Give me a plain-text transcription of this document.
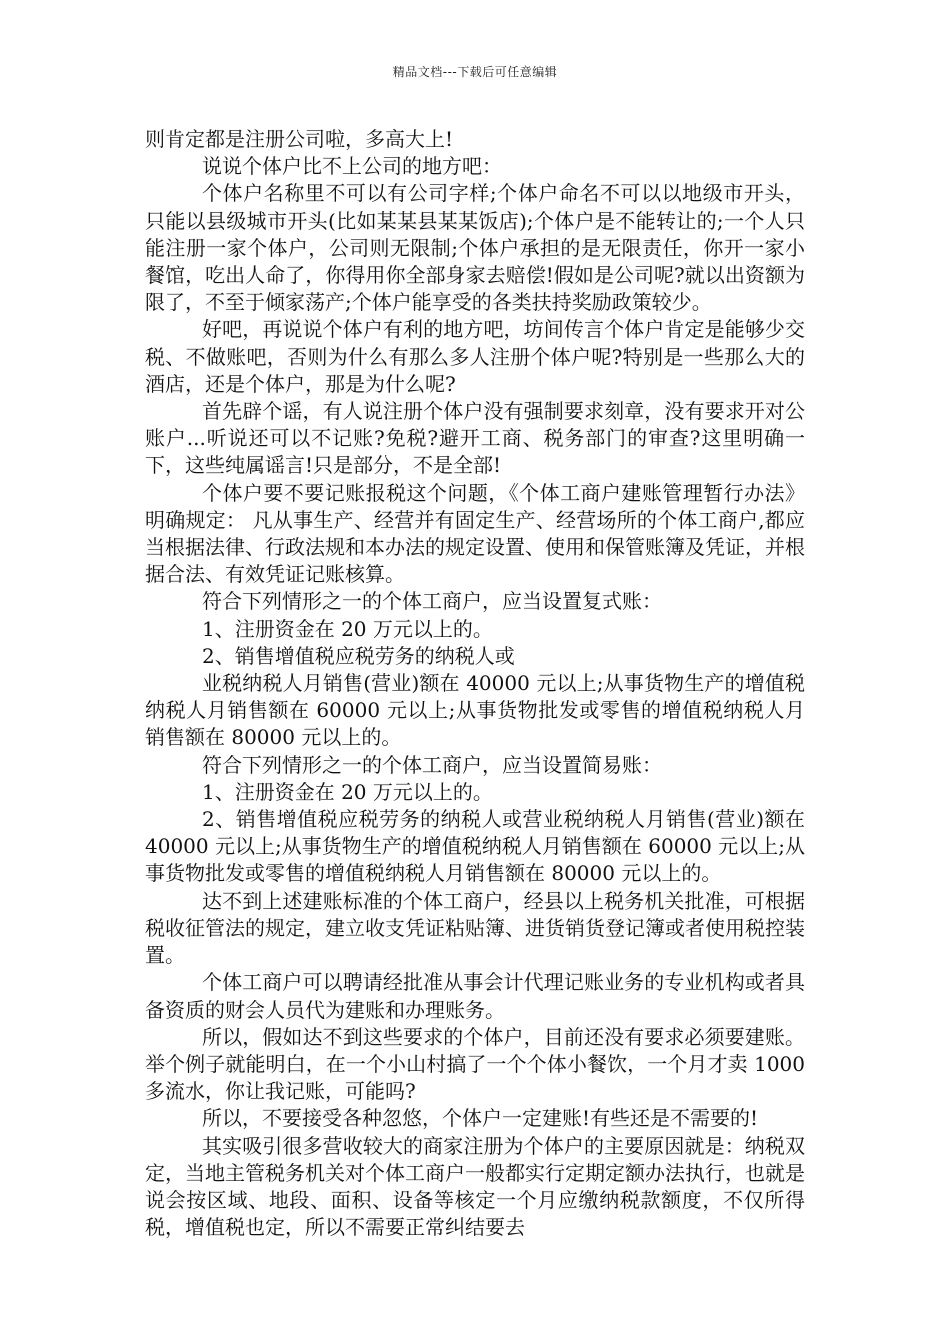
精品文档---下载后可任意编辑

则肯定都是注册公司啦，多高大上!

说说个体户比不上公司的地方吧：

个体户名称里不可以有公司字样;个体户命名不可以以地级市开头，只能以县级城市开头(比如某某县某某饭店);个体户是不能转让的;一个人只能注册一家个体户，公司则无限制;个体户承担的是无限责任，你开一家小餐馆，吃出人命了，你得用你全部身家去赔偿!假如是公司呢?就以出资额为限了，不至于倾家荡产;个体户能享受的各类扶持奖励政策较少。

好吧，再说说个体户有利的地方吧，坊间传言个体户肯定是能够少交税、不做账吧，否则为什么有那么多人注册个体户呢?特别是一些那么大的酒店，还是个体户，那是为什么呢?

首先辟个谣，有人说注册个体户没有强制要求刻章，没有要求开对公账户...听说还可以不记账?免税?避开工商、税务部门的审查?这里明确一下，这些纯属谣言!只是部分，不是全部!

个体户要不要记账报税这个问题，《个体工商户建账管理暂行办法》明确规定： 凡从事生产、经营并有固定生产、经营场所的个体工商户,都应当根据法律、行政法规和本办法的规定设置、使用和保管账簿及凭证，并根据合法、有效凭证记账核算。

符合下列情形之一的个体工商户，应当设置复式账：

1、注册资金在 20 万元以上的。

2、销售增值税应税劳务的纳税人或

业税纳税人月销售(营业)额在 40000 元以上;从事货物生产的增值税纳税人月销售额在 60000 元以上;从事货物批发或零售的增值税纳税人月销售额在 80000 元以上的。

符合下列情形之一的个体工商户，应当设置简易账：

1、注册资金在 20 万元以上的。

2、销售增值税应税劳务的纳税人或营业税纳税人月销售(营业)额在 40000 元以上;从事货物生产的增值税纳税人月销售额在 60000 元以上;从事货物批发或零售的增值税纳税人月销售额在 80000 元以上的。

达不到上述建账标准的个体工商户，经县以上税务机关批准，可根据税收征管法的规定，建立收支凭证粘贴簿、进货销货登记簿或者使用税控装置。

个体工商户可以聘请经批准从事会计代理记账业务的专业机构或者具备资质的财会人员代为建账和办理账务。

所以，假如达不到这些要求的个体户，目前还没有要求必须要建账。举个例子就能明白，在一个小山村搞了一个个体小餐饮，一个月才卖 1000 多流水，你让我记账，可能吗?

所以，不要接受各种忽悠，个体户一定建账!有些还是不需要的!

其实吸引很多营收较大的商家注册为个体户的主要原因就是：纳税双定，当地主管税务机关对个体工商户一般都实行定期定额办法执行，也就是说会按区域、地段、面积、设备等核定一个月应缴纳税款额度，不仅所得税，增值税也定，所以不需要正常纠结要去
